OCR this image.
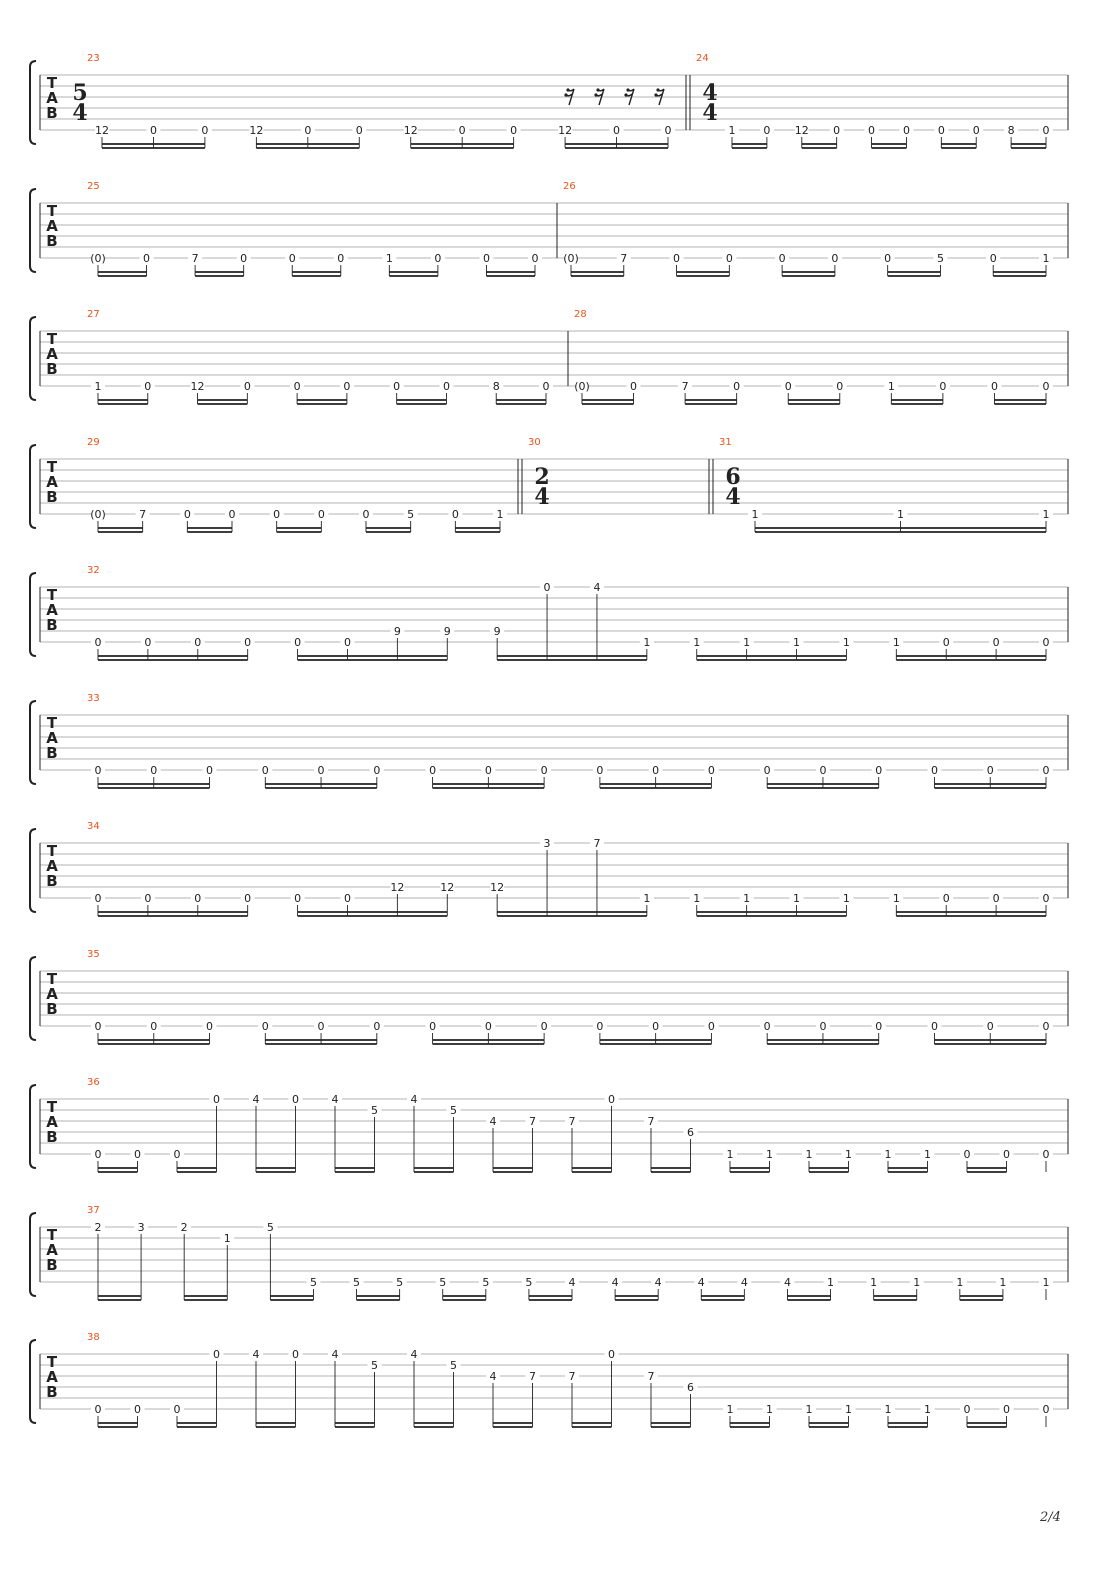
T
A
B
23
5
4
12	0	0	12	0	0	12	0	0	12	0	0
24
4
4
1	0 12 0	0	0	0	0	8	0
T
A
B
25
(0)	0	7	0	0	0	1	0	0	0
26
(0)	7	0	0	0	0	0	5	0	1
T
A
B
27
1	0	12	0	0	0	0	0	8	0
28
(0)	0	7	0	0	0	1	0	0	0
T
A
B
29
(0)	7	0	0	0	0	0	5	0	1
30
2
4
31
6
4
1	1	1
T
A
B
32
0	0	0	0	0	0
9	9	9
0	4
1	1	1	1	1	1	0	0	0
T
A
B
33
0	0	0	0	0	0	0	0	0	0	0	0	0	0	0	0	0	0
T
A
B
34
0	0	0	0	0	0
12	12	12
3	7
1	1	1	1	1	1	0	0	0
T
A
B
35
0	0	0	0	0	0	0	0	0	0	0	0	0	0	0	0	0	0
T
A
B
36
0	0	0
0	4	0	4
5
4
5
4	7	7
0
7
6
1	1	1	1	1	1	0	0	0
T
A
B
37
2	3	2
1
5
5	5	5	5	5	5	4	4	4	4	4	4	1	1	1	1	1	1
T
A
B
38
0	0	0
0	4	0	4
5
4
5
4	7	7
0
7
6
1	1	1	1	1	1	0	0	0
2/4
